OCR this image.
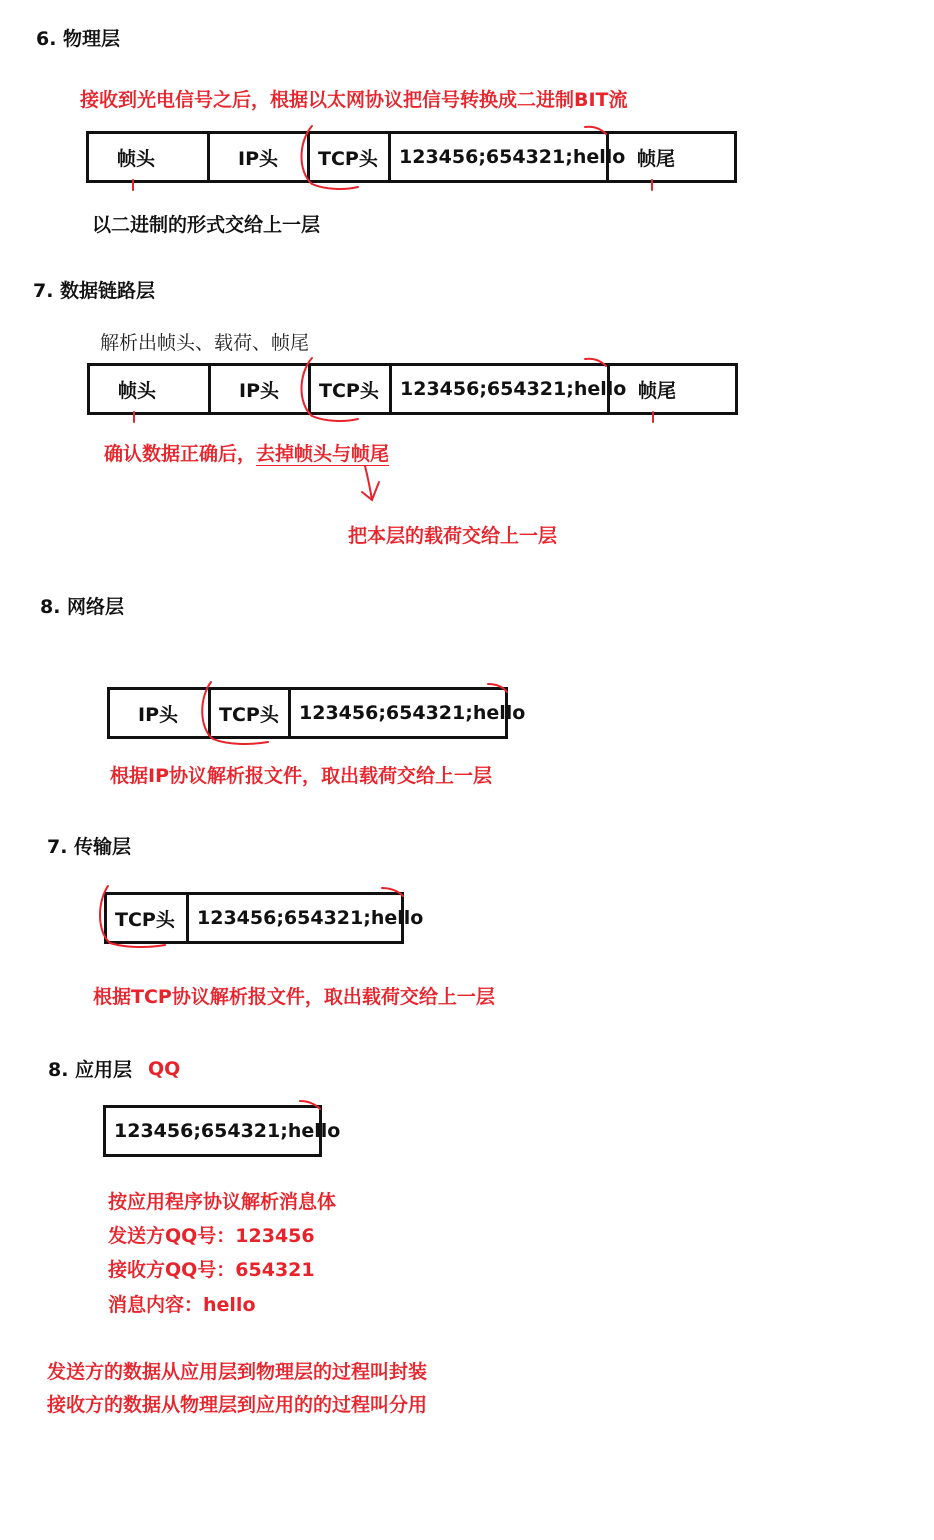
6. 物理层
接收到光电信号之后，根据以太网协议把信号转换成二进制BIT流
帧头	IP头	TCP头	123456;654321;hello 帧尾
以二进制的形式交给上一层
7. 数据链路层
解析出帧头、载荷、帧尾
帧头	IP头	TCP头	123456;654321;hello 帧尾
确认数据正确后，去掉帧头与帧尾
把本层的载荷交给上一层
8. 网络层
IP头	TCP头	123456;654321;hello
根据IP协议解析报文件，取出载荷交给上一层
7. 传输层
TCP头	123456;654321;hello
根据TCP协议解析报文件，取出载荷交给上一层
8. 应用层 QQ
123456;654321;hello
按应用程序协议解析消息体
发送方QQ号：123456
接收方QQ号：654321
消息内容：hello
发送方的数据从应用层到物理层的过程叫封装
接收方的数据从物理层到应用的的过程叫分用
